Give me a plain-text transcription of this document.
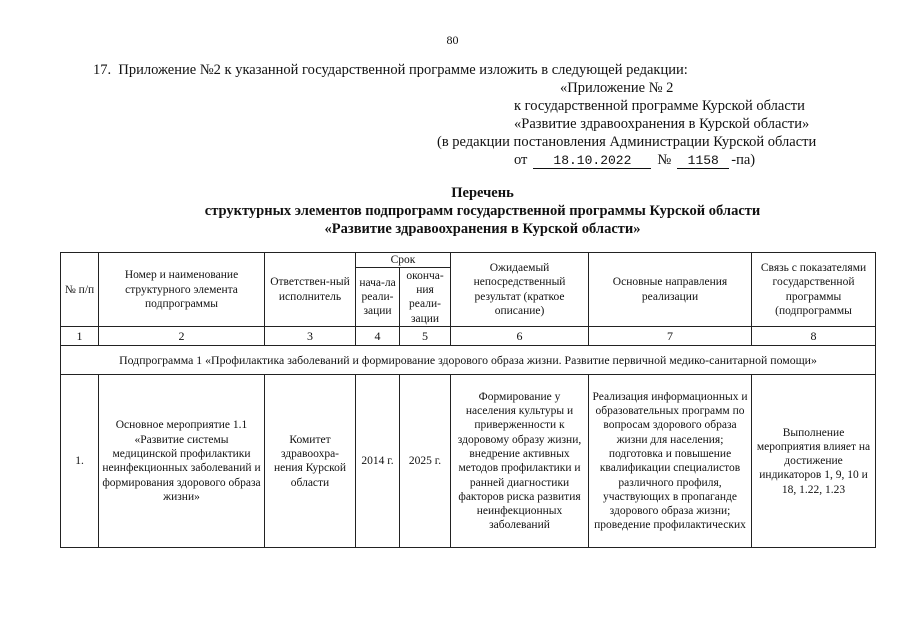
80
17. Приложение №2 к указанной государственной программе изложить в следующей редакции:
«Приложение № 2
к государственной программе Курской области
«Развитие здравоохранения в Курской области»
(в редакции постановления Администрации Курской области
от	18.10.2022	№	1158 -па)
Перечень
структурных элементов подпрограмм государственной программы Курской области
«Развитие здравоохранения в Курской области»
№ п/п	Номер и наименование структурного элемента подпрограммы	Ответствен-ный исполнитель	Срок		Ожидаемый непосредственный результат (краткое описание)	Основные направления реализации	Связь с показателями государственной программы (подпрограммы
			нача-ла реали-зации	оконча-ния реали-зации			
1	2	3	4	5	6	7	8
Подпрограмма 1 «Профилактика заболеваний и формирование здорового образа жизни. Развитие первичной медико-санитарной помощи»							
1.	Основное мероприятие 1.1 «Развитие системы медицинской профилактики неинфекционных заболеваний и формирования здорового образа жизни»	Комитет здравоохра-нения Курской области	2014 г.	2025 г.	Формирование у населения культуры и приверженности к здоровому образу жизни, внедрение активных методов профилактики и ранней диагностики факторов риска развития неинфекционных заболеваний	Реализация информационных и образовательных программ по вопросам здорового образа жизни для населения; подготовка и повышение квалификации специалистов различного профиля, участвующих в пропаганде здорового образа жизни; проведение профилактических	Выполнение мероприятия влияет на достижение индикаторов 1, 9, 10 и 18, 1.22, 1.23
